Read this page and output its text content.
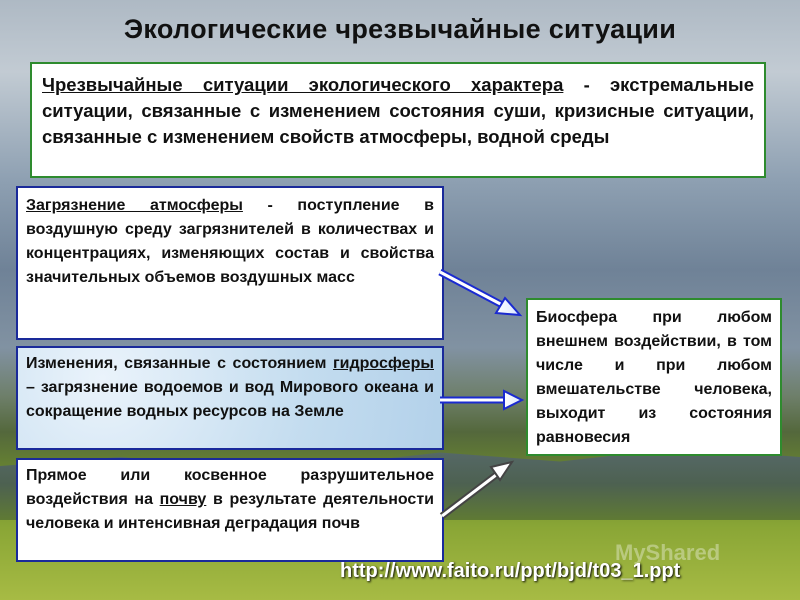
Экологические чрезвычайные ситуации
Чрезвычайные ситуации экологического характера - экстремальные ситуации, связанные с изменением состояния суши, кризисные ситуации, связанные с изменением свойств атмосферы, водной среды
Загрязнение атмосферы - поступление в воздушную среду загрязнителей в количествах и концентрациях, изменяющих состав и свойства значительных объемов воздушных масс
Изменения, связанные с состоянием гидросферы – загрязнение водоемов и вод Мирового океана и сокращение водных ресурсов на Земле
Прямое или косвенное разрушительное воздействия на почву в результате деятельности человека и интенсивная деградация почв
Биосфера при любом внешнем воздействии, в том числе и при любом вмешательстве человека, выходит из состояния равновесия
MyShared
http://www.faito.ru/ppt/bjd/t03_1.ppt
